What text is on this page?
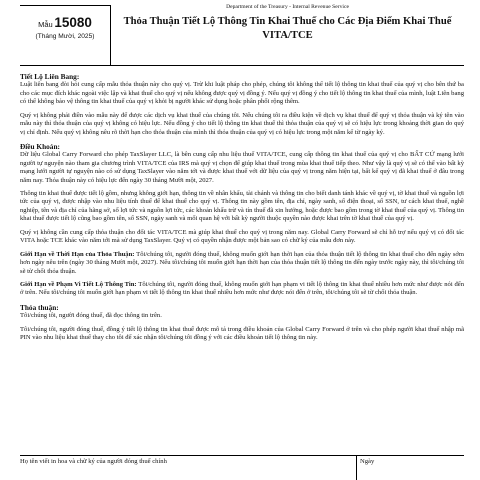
Mẫu 15080
(Tháng Mười, 2025)
Department of the Treasury - Internal Revenue Service
Thỏa Thuận Tiết Lộ Thông Tin Khai Thuế cho Các Địa Điểm Khai Thuế VITA/TCE
Tiết Lộ Liên Bang:

Luật liên bang đòi hỏi cung cấp mẫu thỏa thuận này cho quý vị. Trừ khi luật pháp cho phép, chúng tôi không thể tiết lộ thông tin khai thuế của quý vị cho bên thứ ba cho các mục đích khác ngoài việc lập và khai thuế cho quý vị nếu không được quý vị đồng ý. Nếu quý vị đồng ý cho tiết lộ thông tin khai thuế của mình, luật Liên bang có thể không bảo vệ thông tin khai thuế của quý vị khỏi bị người khác sử dụng hoặc phân phối rộng thêm.

Quý vị không phải điền vào mẫu này để được các dịch vụ khai thuế của chúng tôi. Nếu chúng tôi ra điều kiện về dịch vụ khai thuế để quý vị thỏa thuận và ký tên vào mẫu này thì thỏa thuận của quý vị không có hiệu lực. Nếu đồng ý cho tiết lộ thông tin khai thuế thì thỏa thuận của quý vị sẽ có hiệu lực trong khoảng thời gian do quý vị chỉ định. Nếu quý vị không nêu rõ thời hạn cho thỏa thuận của mình thì thỏa thuận của quý vị có hiệu lực trong một năm kể từ ngày ký.

Điều Khoản:

Dữ liệu Global Carry Forward cho phép TaxSlayer LLC, là bên cung cấp nhu liệu thuế VITA/TCE, cung cấp thông tin khai thuế của quý vị cho BẤT CỨ mạng lưới người tự nguyện nào tham gia chương trình VITA/TCE của IRS mà quý vị chọn để giúp khai thuế trong mùa khai thuế tiếp theo. Như vậy là quý vị sẽ có thể vào bất kỳ mạng lưới người tự nguyện nào có sử dụng TaxSlayer vào năm tới và được khai thuế với dữ liệu của quý vị trong năm hiện tại, bất kể quý vị đã khai thuế ở đâu trong năm nay. Thỏa thuận này có hiệu lực đến ngày 30 tháng Mười một, 2027.

Thông tin khai thuế được tiết lộ gồm, nhưng không giới hạn, thông tin về nhân khẩu, tài chánh và thông tin cho biết danh tánh khác về quý vị, tờ khai thuế và nguồn lợi tức của quý vị, được nhập vào nhu liệu tính thuế để khai thuế cho quý vị. Thông tin này gồm tên, địa chỉ, ngày sanh, số điện thoại, số SSN, tư cách khai thuế, nghề nghiệp, tên và địa chỉ của hãng sở, số lợi tức và nguồn lợi tức, các khoản khấu trừ và tín thuế đã xin hưởng, hoặc được bao gồm trong tờ khai thuế của quý vị. Thông tin khai thuế được tiết lộ cũng bao gồm tên, số SSN, ngày sanh và mối quan hệ với bất kỳ người thuộc quyền nào được khai trên tờ khai thuế của quý vị.

Quý vị không cần cung cấp thỏa thuận cho đối tác VITA/TCE mà giúp khai thuế cho quý vị trong năm nay. Global Carry Forward sẽ chỉ hỗ trợ nếu quý vị có đối tác VITA hoặc TCE khác vào năm tới mà sử dụng TaxSlayer. Quý vị có quyền nhận được một bản sao có chữ ký của mẫu đơn này.

Giới Hạn về Thời Hạn của Thỏa Thuận: Tôi/chúng tôi, người đóng thuế, không muốn giới hạn thời hạn của thỏa thuận tiết lộ thông tin khai thuế cho đến ngày sớm hơn ngày nêu trên (ngày 30 tháng Mười một, 2027). Nếu tôi/chúng tôi muốn giới hạn thời hạn của thỏa thuận tiết lộ thông tin đến ngày trước ngày này, thì tôi/chúng tôi sẽ từ chối thỏa thuận.

Giới Hạn về Phạm Vi Tiết Lộ Thông Tin: Tôi/chúng tôi, người đóng thuế, không muốn giới hạn phạm vi tiết lộ thông tin khai thuế nhiều hơn mức như được nói đến ở trên. Nếu tôi/chúng tôi muốn giới hạn phạm vi tiết lộ thông tin khai thuế nhiều hơn mức như được nói đến ở trên, tôi/chúng tôi sẽ từ chối thỏa thuận.

Thỏa thuận:

Tôi/chúng tôi, người đóng thuế, đã đọc thông tin trên.

Tôi/chúng tôi, người đóng thuế, đồng ý tiết lộ thông tin khai thuế được mô tả trong điều khoản của Global Carry Forward ở trên và cho phép người khai thuế nhập mã PIN vào nhu liệu khai thuế thay cho tôi để xác nhận tôi/chúng tôi đồng ý với các điều khoản tiết lộ thông tin này.

Họ tên viết in hoa và chữ ký của người đóng thuế chính	Ngày
